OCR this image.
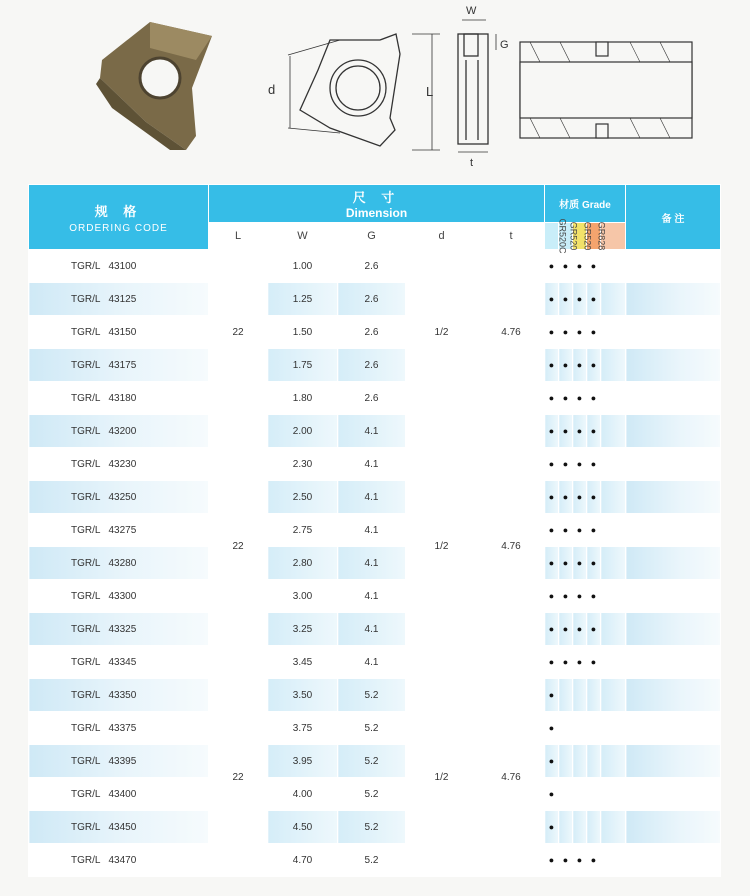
d	L
W
G
t
规 格
ORDERING CODE	尺 寸
Dimension					材质 Grade					备 注
	L	W	G	d	t	GR520C	GR520	GR520	GR828		
TGR/L 43100	22	1.00	2.6	1/2	4.76	●	●	●	●		
TGR/L 43125		1.25	2.6			●	●	●	●		
TGR/L 43150		1.50	2.6			●	●	●	●		
TGR/L 43175		1.75	2.6			●	●	●	●		
TGR/L 43180		1.80	2.6			●	●	●	●		
TGR/L 43200	22	2.00	4.1	1/2	4.76	●	●	●	●		
TGR/L 43230		2.30	4.1			●	●	●	●		
TGR/L 43250		2.50	4.1			●	●	●	●		
TGR/L 43275		2.75	4.1			●	●	●	●		
TGR/L 43280		2.80	4.1			●	●	●	●		
TGR/L 43300		3.00	4.1			●	●	●	●		
TGR/L 43325		3.25	4.1			●	●	●	●		
TGR/L 43345		3.45	4.1			●	●	●	●		
TGR/L 43350	22	3.50	5.2	1/2	4.76	●					
TGR/L 43375		3.75	5.2			●					
TGR/L 43395		3.95	5.2			●					
TGR/L 43400		4.00	5.2			●					
TGR/L 43450		4.50	5.2			●					
TGR/L 43470		4.70	5.2			●	●	●	●		
